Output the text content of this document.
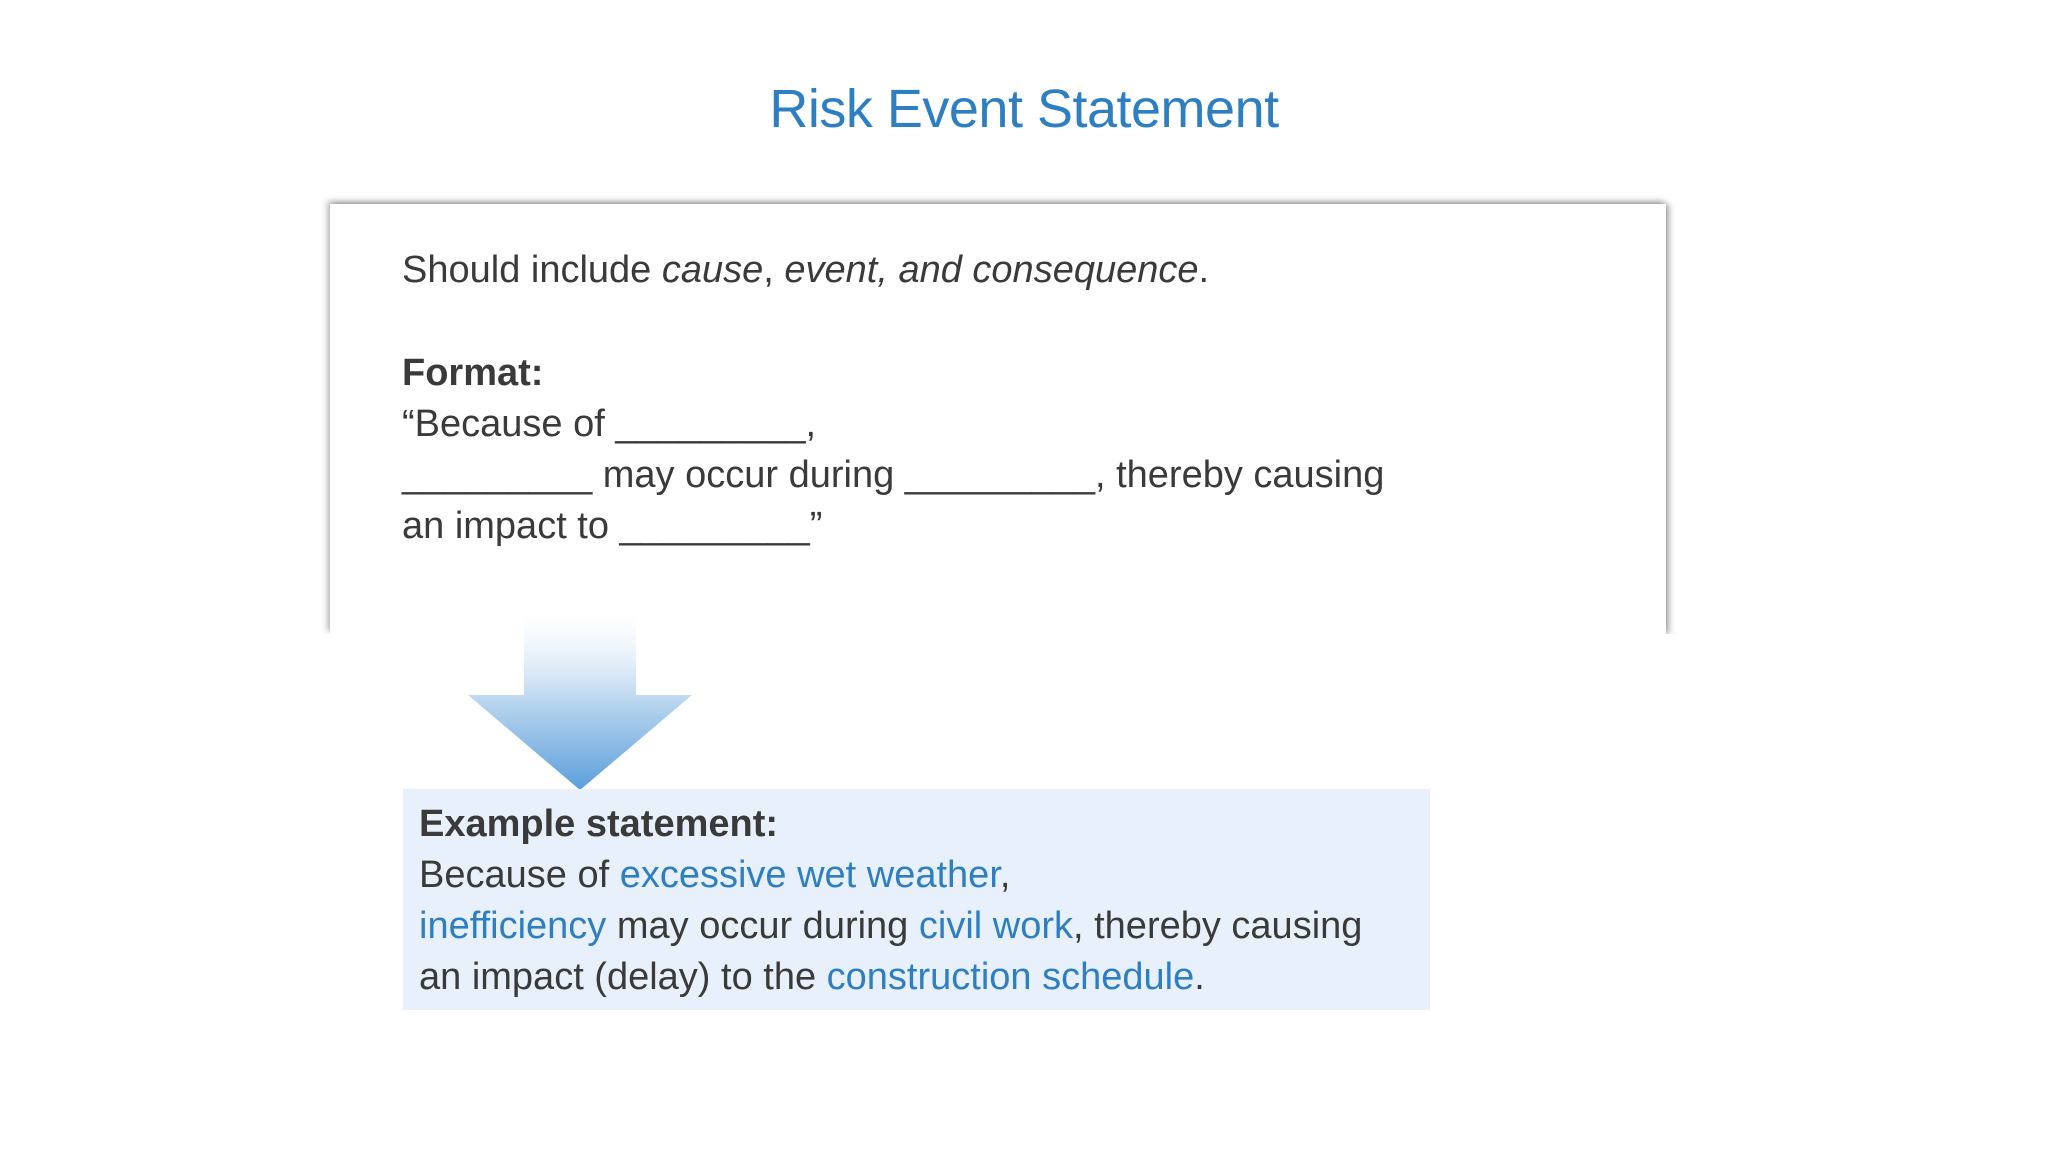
Risk Event Statement
Should include cause, event, and consequence.
Format:
“Because of _________,
_________ may occur during _________, thereby causing
an impact to _________”
Example statement:
Because of excessive wet weather,
inefficiency may occur during civil work, thereby causing
an impact (delay) to the construction schedule.
